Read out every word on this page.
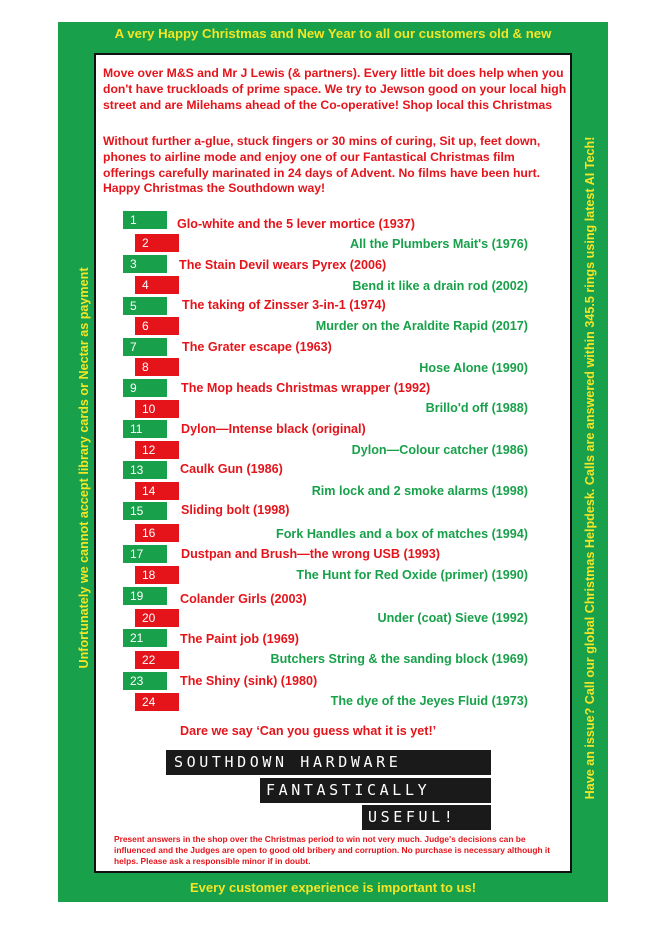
A very Happy Christmas and New Year to all our customers old & new
Unfortunately we cannot accept library cards or Nectar as payment	Have an issue? Call our global Christmas Helpdesk. Calls are answered within 345.5 rings using latest AI Tech!

Move over M&S and Mr J Lewis (& partners). Every little bit does help when you don't have truckloads of prime space. We try to Jewson good on your local high street and are Milehams ahead of the Co-operative! Shop local this Christmas

Without further a-glue, stuck fingers or 30 mins of curing, Sit up, feet down, phones to airline mode and enjoy one of our Fantastical Christmas film offerings carefully marinated in 24 days of Advent. No films have been hurt. Happy Christmas the Southdown way!

1	Glo-white and the 5 lever mortice (1937)
2	All the Plumbers Mait's (1976)
3	The Stain Devil wears Pyrex (2006)
4	Bend it like a drain rod (2002)
5	The taking of Zinsser 3-in-1 (1974)
6	Murder on the Araldite Rapid (2017)
7	The Grater escape (1963)
8	Hose Alone (1990)
9	The Mop heads Christmas wrapper (1992)
10	Brillo'd off (1988)
11	Dylon—Intense black (original)
12	Dylon—Colour catcher (1986)
13	Caulk Gun (1986)
14	Rim lock and 2 smoke alarms (1998)
15	Sliding bolt (1998)
16	Fork Handles and a box of matches (1994)
17	Dustpan and Brush—the wrong USB (1993)
18	The Hunt for Red Oxide (primer) (1990)
19	Colander Girls (2003)
20	Under (coat) Sieve (1992)
21	The Paint job (1969)
22	Butchers String & the sanding block (1969)
23	The Shiny (sink) (1980)
24	The dye of the Jeyes Fluid (1973)
Dare we say ‘Can you guess what it is yet!’
SOUTHDOWN HARDWARE
FANTASTICALLY
USEFUL!

Present answers in the shop over the Christmas period to win not very much. Judge's decisions can be influenced and the Judges are open to good old bribery and corruption. No purchase is necessary although it helps. Please ask a responsible minor if in doubt.

Every customer experience is important to us!
